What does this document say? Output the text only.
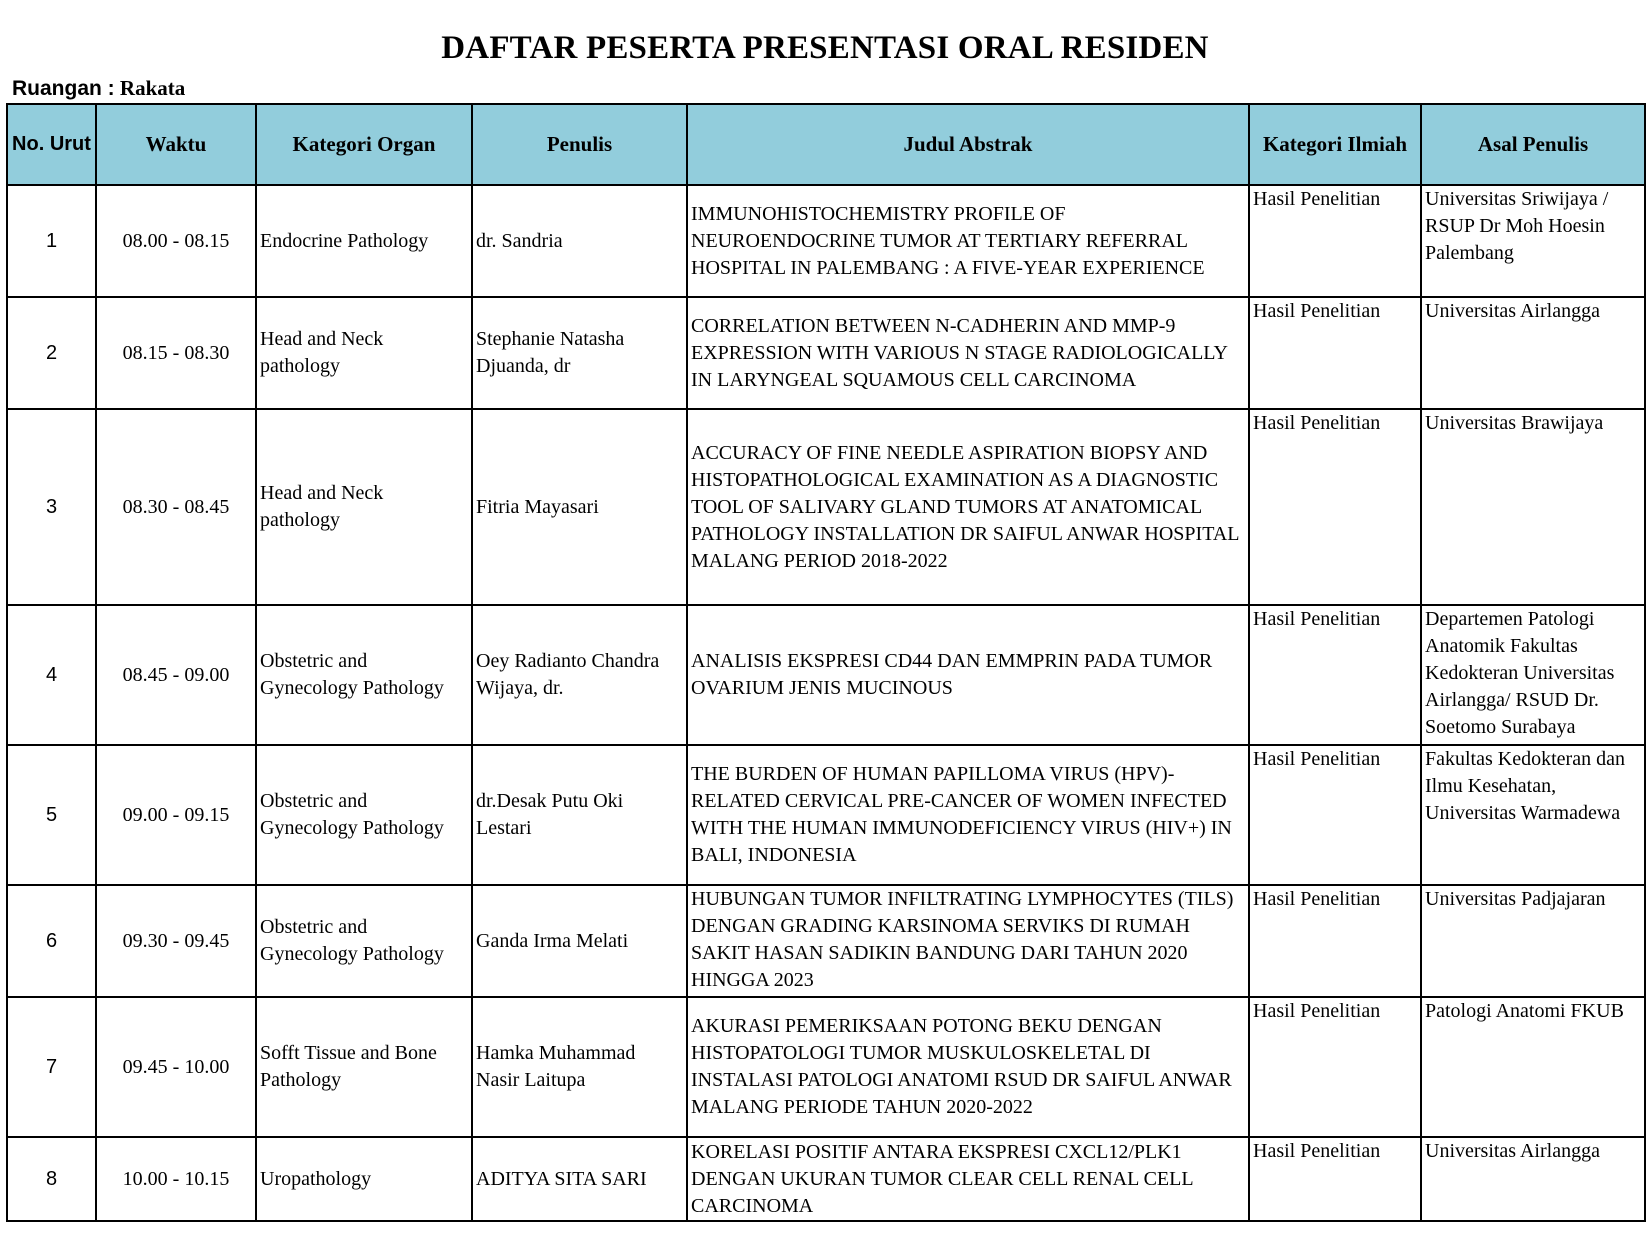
DAFTAR PESERTA PRESENTASI ORAL RESIDEN
Ruangan : Rakata
No. Urut	Waktu	Kategori Organ	Penulis	Judul Abstrak	Kategori Ilmiah	Asal Penulis
1	08.00 - 08.15	Endocrine Pathology	dr. Sandria	IMMUNOHISTOCHEMISTRY PROFILE OF NEUROENDOCRINE TUMOR AT TERTIARY REFERRAL HOSPITAL IN PALEMBANG : A FIVE-YEAR EXPERIENCE	Hasil Penelitian	Universitas Sriwijaya / RSUP Dr Moh Hoesin Palembang
2	08.15 - 08.30	Head and Neck pathology	Stephanie Natasha Djuanda, dr	CORRELATION BETWEEN N-CADHERIN AND MMP-9 EXPRESSION WITH VARIOUS N STAGE RADIOLOGICALLY IN LARYNGEAL SQUAMOUS CELL CARCINOMA	Hasil Penelitian	Universitas Airlangga
3	08.30 - 08.45	Head and Neck pathology	Fitria Mayasari	ACCURACY OF FINE NEEDLE ASPIRATION BIOPSY AND HISTOPATHOLOGICAL EXAMINATION AS A DIAGNOSTIC TOOL OF SALIVARY GLAND TUMORS AT ANATOMICAL PATHOLOGY INSTALLATION DR SAIFUL ANWAR HOSPITAL MALANG PERIOD 2018-2022	Hasil Penelitian	Universitas Brawijaya
4	08.45 - 09.00	Obstetric and Gynecology Pathology	Oey Radianto Chandra Wijaya, dr.	ANALISIS EKSPRESI CD44 DAN EMMPRIN PADA TUMOR OVARIUM JENIS MUCINOUS	Hasil Penelitian	Departemen Patologi Anatomik Fakultas Kedokteran Universitas Airlangga/ RSUD Dr. Soetomo Surabaya
5	09.00 - 09.15	Obstetric and Gynecology Pathology	dr.Desak Putu Oki Lestari	THE BURDEN OF HUMAN PAPILLOMA VIRUS (HPV)-RELATED CERVICAL PRE-CANCER OF WOMEN INFECTED WITH THE HUMAN IMMUNODEFICIENCY VIRUS (HIV+) IN BALI, INDONESIA	Hasil Penelitian	Fakultas Kedokteran dan Ilmu Kesehatan, Universitas Warmadewa
6	09.30 - 09.45	Obstetric and Gynecology Pathology	Ganda Irma Melati	HUBUNGAN TUMOR INFILTRATING LYMPHOCYTES (TILS) DENGAN GRADING KARSINOMA SERVIKS DI RUMAH SAKIT HASAN SADIKIN BANDUNG DARI TAHUN 2020 HINGGA 2023	Hasil Penelitian	Universitas Padjajaran
7	09.45 - 10.00	Sofft Tissue and Bone Pathology	Hamka Muhammad Nasir Laitupa	AKURASI PEMERIKSAAN POTONG BEKU DENGAN HISTOPATOLOGI TUMOR MUSKULOSKELETAL DI INSTALASI PATOLOGI ANATOMI RSUD DR SAIFUL ANWAR MALANG PERIODE TAHUN 2020-2022	Hasil Penelitian	Patologi Anatomi FKUB
8	10.00 - 10.15	Uropathology	ADITYA SITA SARI	KORELASI POSITIF ANTARA EKSPRESI CXCL12/PLK1 DENGAN UKURAN TUMOR CLEAR CELL RENAL CELL CARCINOMA	Hasil Penelitian	Universitas Airlangga
